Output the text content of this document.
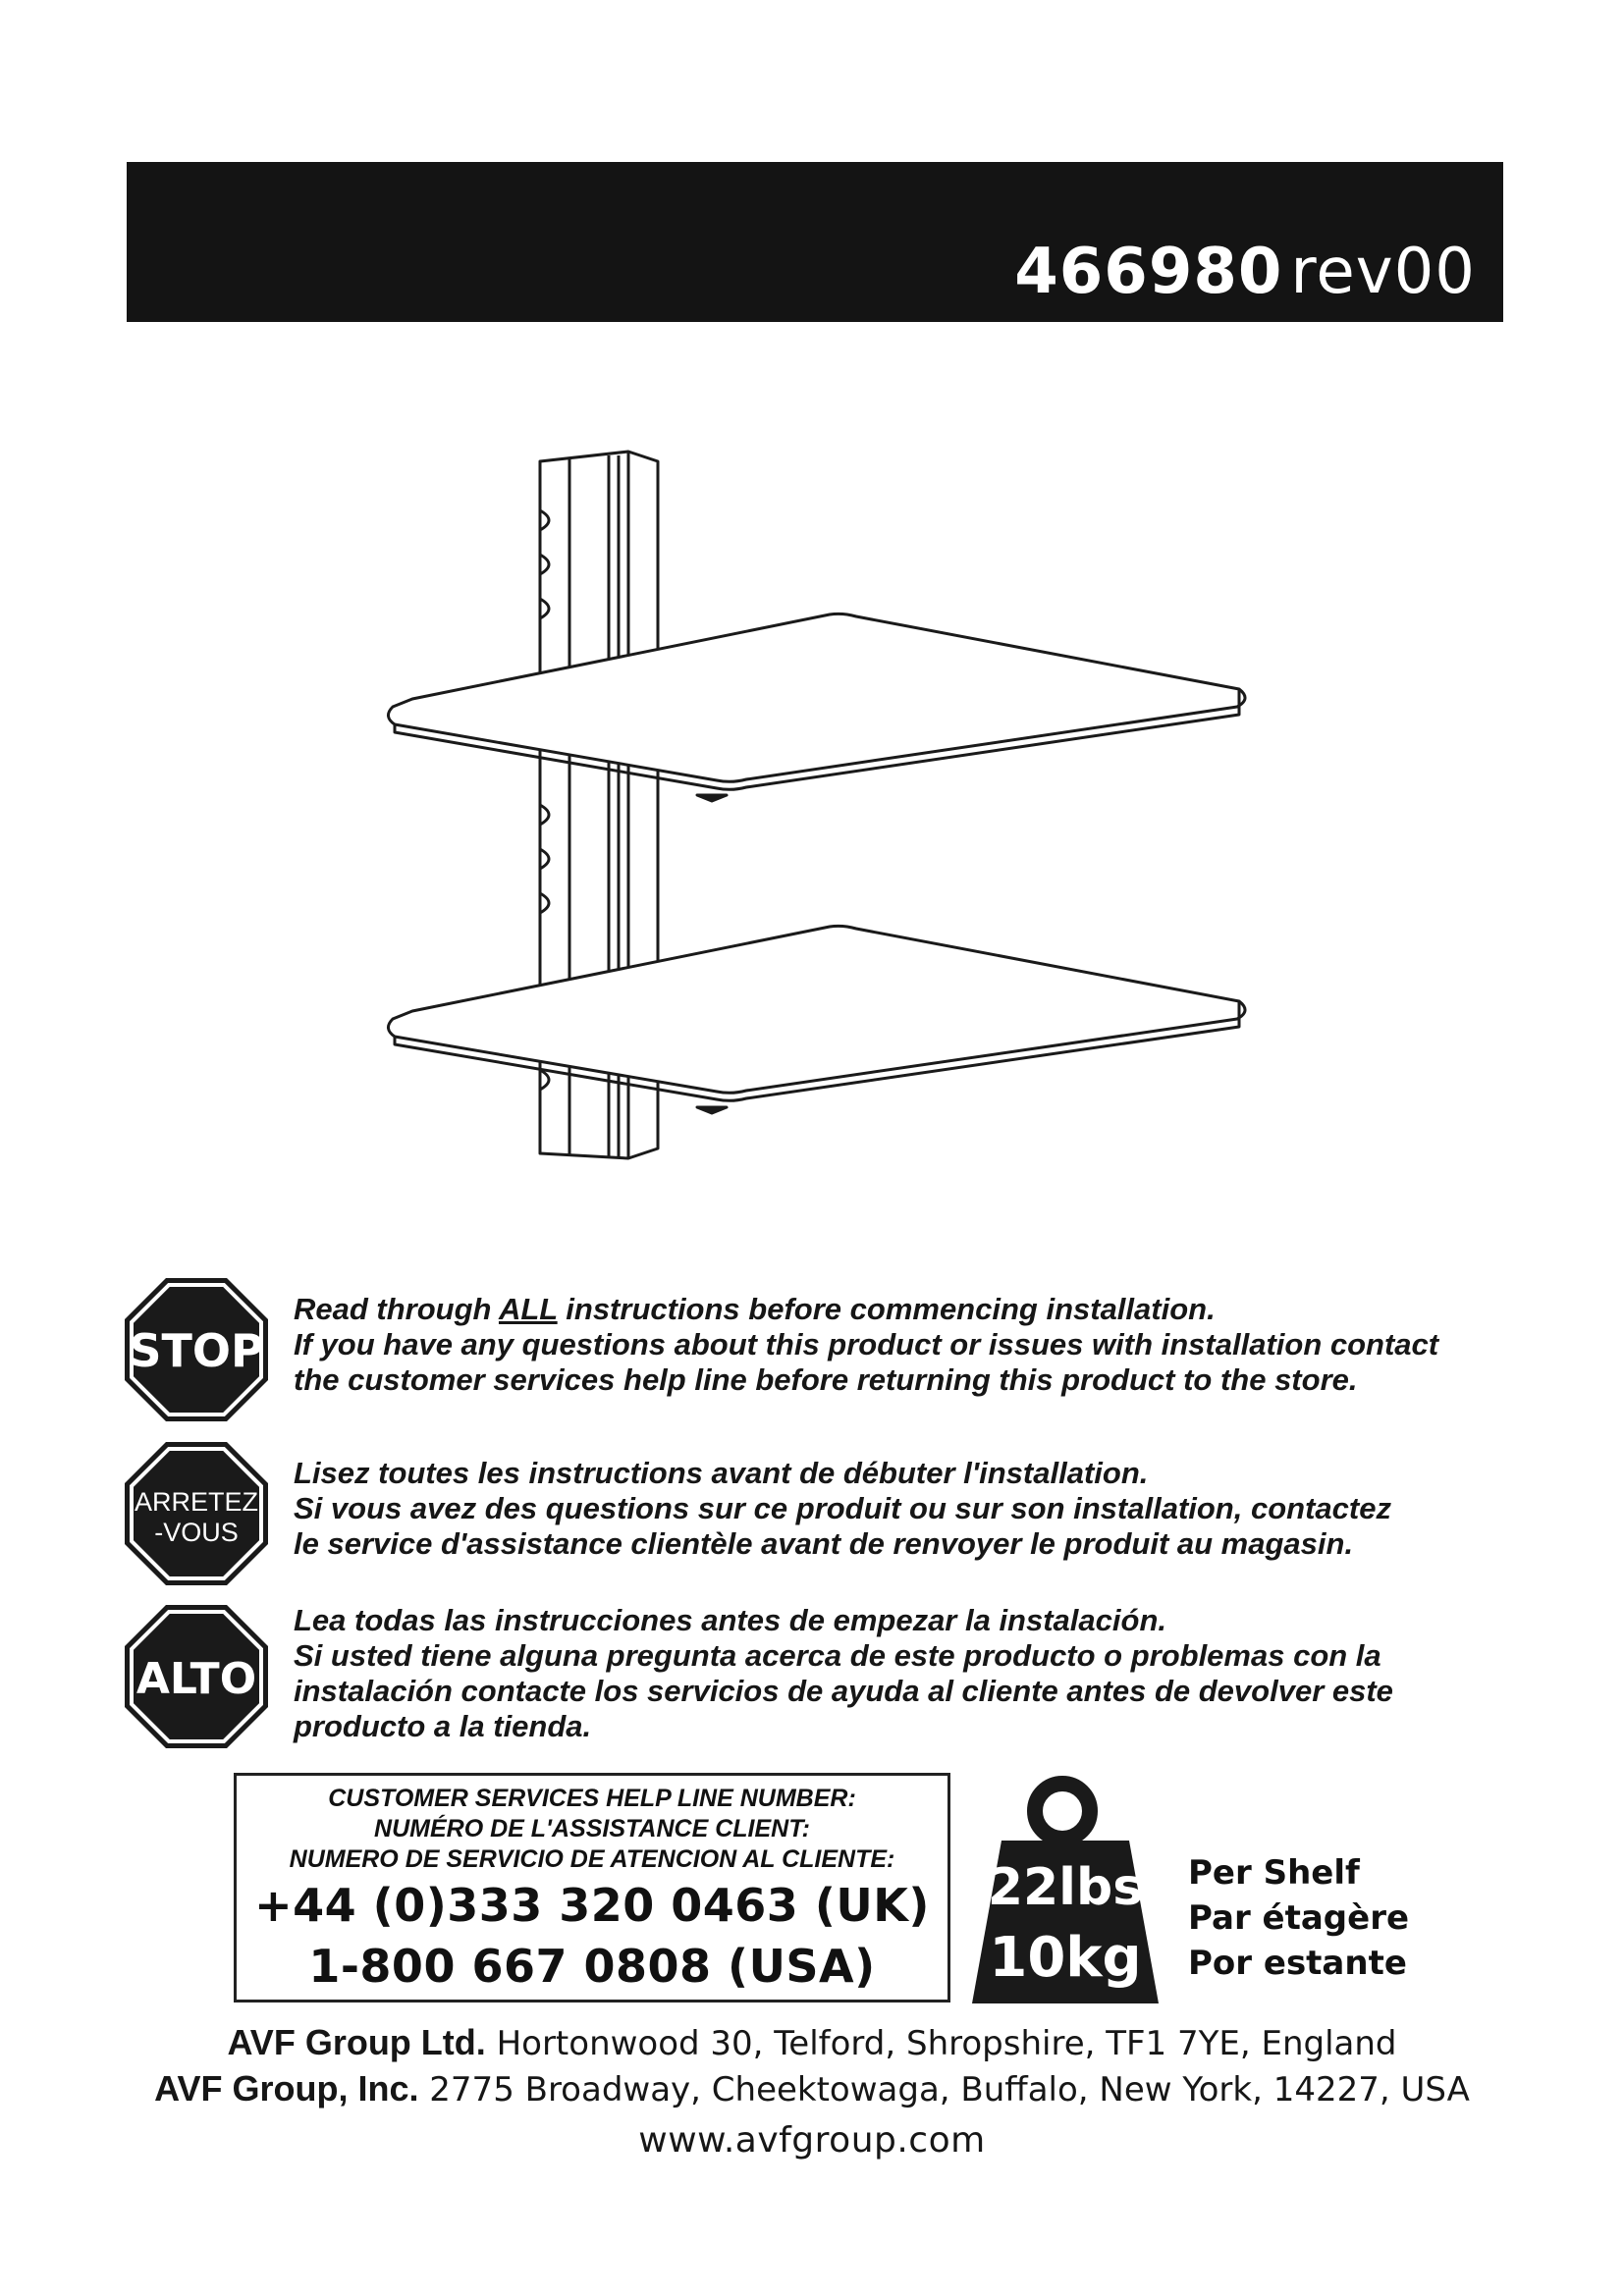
466980 rev00
STOP

Read through ALL instructions before commencing installation.

If you have any questions about this product or issues with installation contact

the customer services help line before returning this product to the store.

ARRETEZ
-VOUS

Lisez toutes les instructions avant de débuter l'installation.

Si vous avez des questions sur ce produit ou sur son installation, contactez

le service d'assistance clientèle avant de renvoyer le produit au magasin.

ALTO

Lea todas las instrucciones antes de empezar la instalación.

Si usted tiene alguna pregunta acerca de este producto o problemas con la

instalación contacte los servicios de ayuda al cliente antes de devolver este

producto a la tienda.

CUSTOMER SERVICES HELP LINE NUMBER:
NUMÉRO DE L'ASSISTANCE CLIENT:
NUMERO DE SERVICIO DE ATENCION AL CLIENTE:
+44 (0)333 320 0463 (UK)
1-800 667 0808 (USA)
22lbs
10kg
Per Shelf
Par étagère
Por estante
AVF Group Ltd. Hortonwood 30, Telford, Shropshire, TF1 7YE, England
AVF Group, Inc. 2775 Broadway, Cheektowaga, Buffalo, New York, 14227, USA
www.avfgroup.com
